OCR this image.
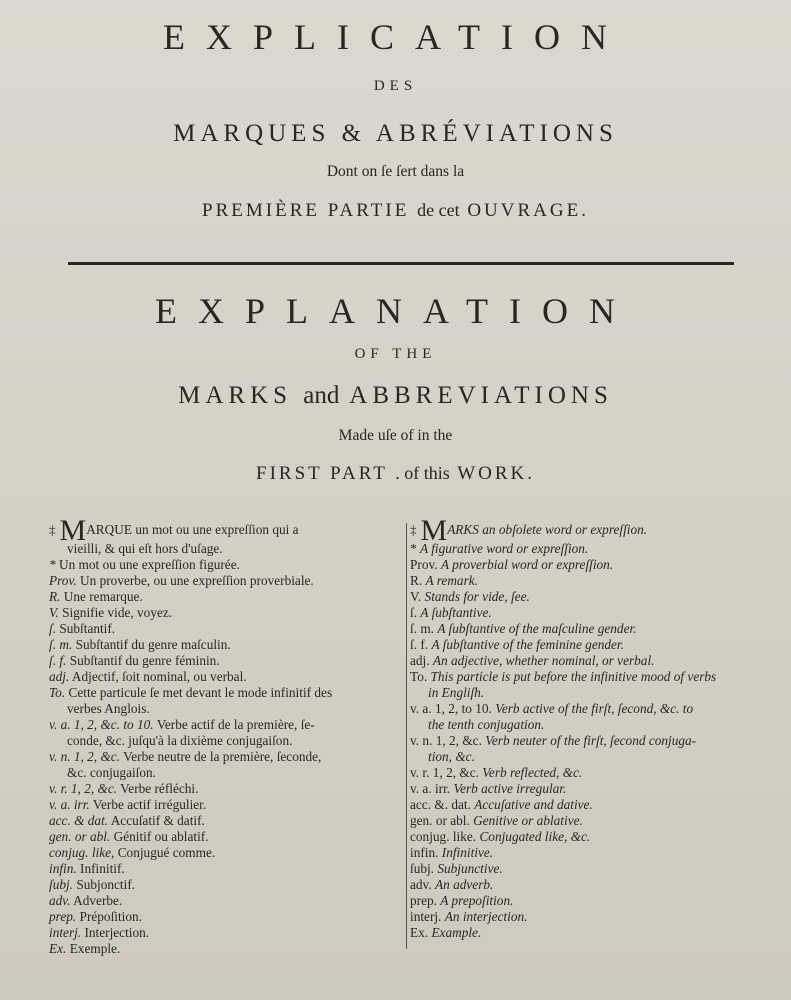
EXPLICATION
DES
MARQUES & ABRÉVIATIONS
Dont on ſe ſert dans la
PREMIÈRE PARTIE de cet OUVRAGE.
EXPLANATION
OF THE
MARKS and ABBREVIATIONS
Made uſe of in the
FIRST PART . of this WORK.
‡ MARQUE un mot ou une expreſſion qui a
vieilli, & qui eſt hors d'uſage.
* Un mot ou une expreſſion figurée.
Prov. Un proverbe, ou une expreſſion proverbiale.
R. Une remarque.
V. Signifie vide, voyez.
ſ. Subſtantif.
ſ. m. Subſtantif du genre maſculin.
ſ. f. Subſtantif du genre féminin.
adj. Adjectif, ſoit nominal, ou verbal.
To. Cette particule ſe met devant le mode infinitif des
verbes Anglois.
v. a. 1, 2, &c. to 10. Verbe actif de la première, ſe-
conde, &c. juſqu'à la dixième conjugaiſon.
v. n. 1, 2, &c. Verbe neutre de la première, ſeconde,
&c. conjugaiſon.
v. r. 1, 2, &c. Verbe réfléchi.
v. a. irr. Verbe actif irrégulier.
acc. & dat. Accuſatif & datif.
gen. or abl. Génitif ou ablatif.
conjug. like, Conjugué comme.
infin. Infinitif.
ſubj. Subjonctif.
adv. Adverbe.
prep. Prépoſition.
interj. Interjection.
Ex. Exemple.
‡ MARKS an obſolete word or expreſſion.
* A figurative word or expreſſion.
Prov. A proverbial word or expreſſion.
R. A remark.
V. Stands for vide, ſee.
ſ. A ſubſtantive.
ſ. m. A ſubſtantive of the maſculine gender.
ſ. f. A ſubſtantive of the feminine gender.
adj. An adjective, whether nominal, or verbal.
To. This particle is put before the infinitive mood of verbs
in Engliſh.
v. a. 1, 2, to 10. Verb active of the firſt, ſecond, &c. to
the tenth conjugation.
v. n. 1, 2, &c. Verb neuter of the firſt, ſecond conjuga-
tion, &c.
v. r. 1, 2, &c. Verb reflected, &c.
v. a. irr. Verb active irregular.
acc. &. dat. Accuſative and dative.
gen. or abl. Genitive or ablative.
conjug. like. Conjugated like, &c.
infin. Infinitive.
ſubj. Subjunctive.
adv. An adverb.
prep. A prepoſition.
interj. An interjection.
Ex. Example.
